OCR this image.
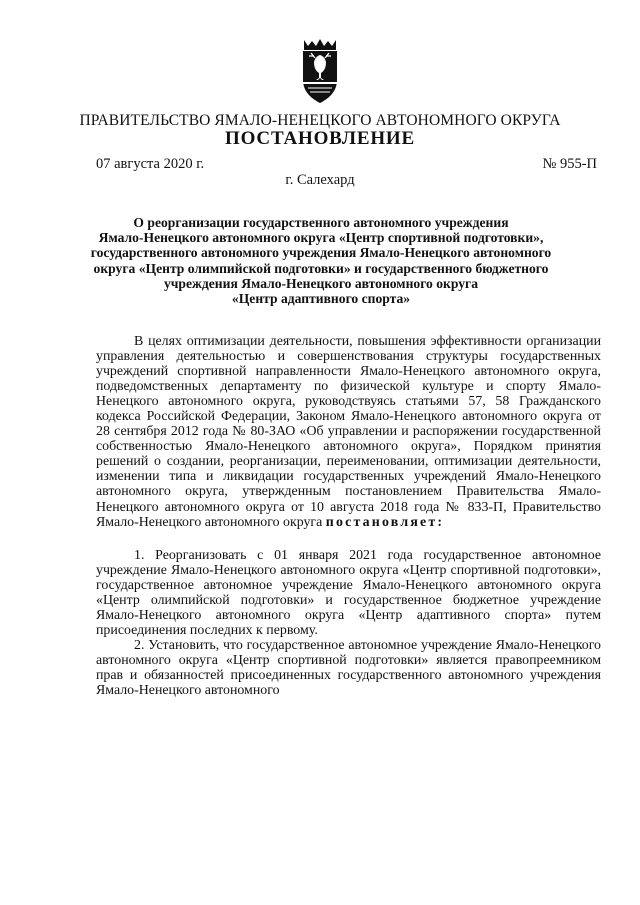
ПРАВИТЕЛЬСТВО ЯМАЛО-НЕНЕЦКОГО АВТОНОМНОГО ОКРУГА
ПОСТАНОВЛЕНИЕ
07 августа 2020 г.	№ 955-П
г. Салехард
О реорганизации государственного автономного учреждения
Ямало-Ненецкого автономного округа «Центр спортивной подготовки»,
государственного автономного учреждения Ямало-Ненецкого автономного
округа «Центр олимпийской подготовки» и государственного бюджетного
учреждения Ямало-Ненецкого автономного округа
«Центр адаптивного спорта»
В целях оптимизации деятельности, повышения эффективности организации управления деятельностью и совершенствования структуры государственных учреждений спортивной направленности Ямало-Ненецкого автономного округа, подведомственных департаменту по физической культуре и спорту Ямало-Ненецкого автономного округа, руководствуясь статьями 57, 58 Гражданского кодекса Российской Федерации, Законом Ямало-Ненецкого автономного округа от 28 сентября 2012 года № 80-ЗАО «Об управлении и распоряжении государственной собственностью Ямало-Ненецкого автономного округа», Порядком принятия решений о создании, реорганизации, переименовании, оптимизации деятельности, изменении типа и ликвидации государственных учреждений Ямало-Ненецкого автономного округа, утвержденным постановлением Правительства Ямало-Ненецкого автономного округа от 10 августа 2018 года № 833-П, Правительство Ямало-Ненецкого автономного округа постановляет:
1. Реорганизовать с 01 января 2021 года государственное автономное учреждение Ямало-Ненецкого автономного округа «Центр спортивной подготовки», государственное автономное учреждение Ямало-Ненецкого автономного округа «Центр олимпийской подготовки» и государственное бюджетное учреждение Ямало-Ненецкого автономного округа «Центр адаптивного спорта» путем присоединения последних к первому.
2. Установить, что государственное автономное учреждение Ямало-Ненецкого автономного округа «Центр спортивной подготовки» является правопреемником прав и обязанностей присоединенных государственного автономного учреждения Ямало-Ненецкого автономного
